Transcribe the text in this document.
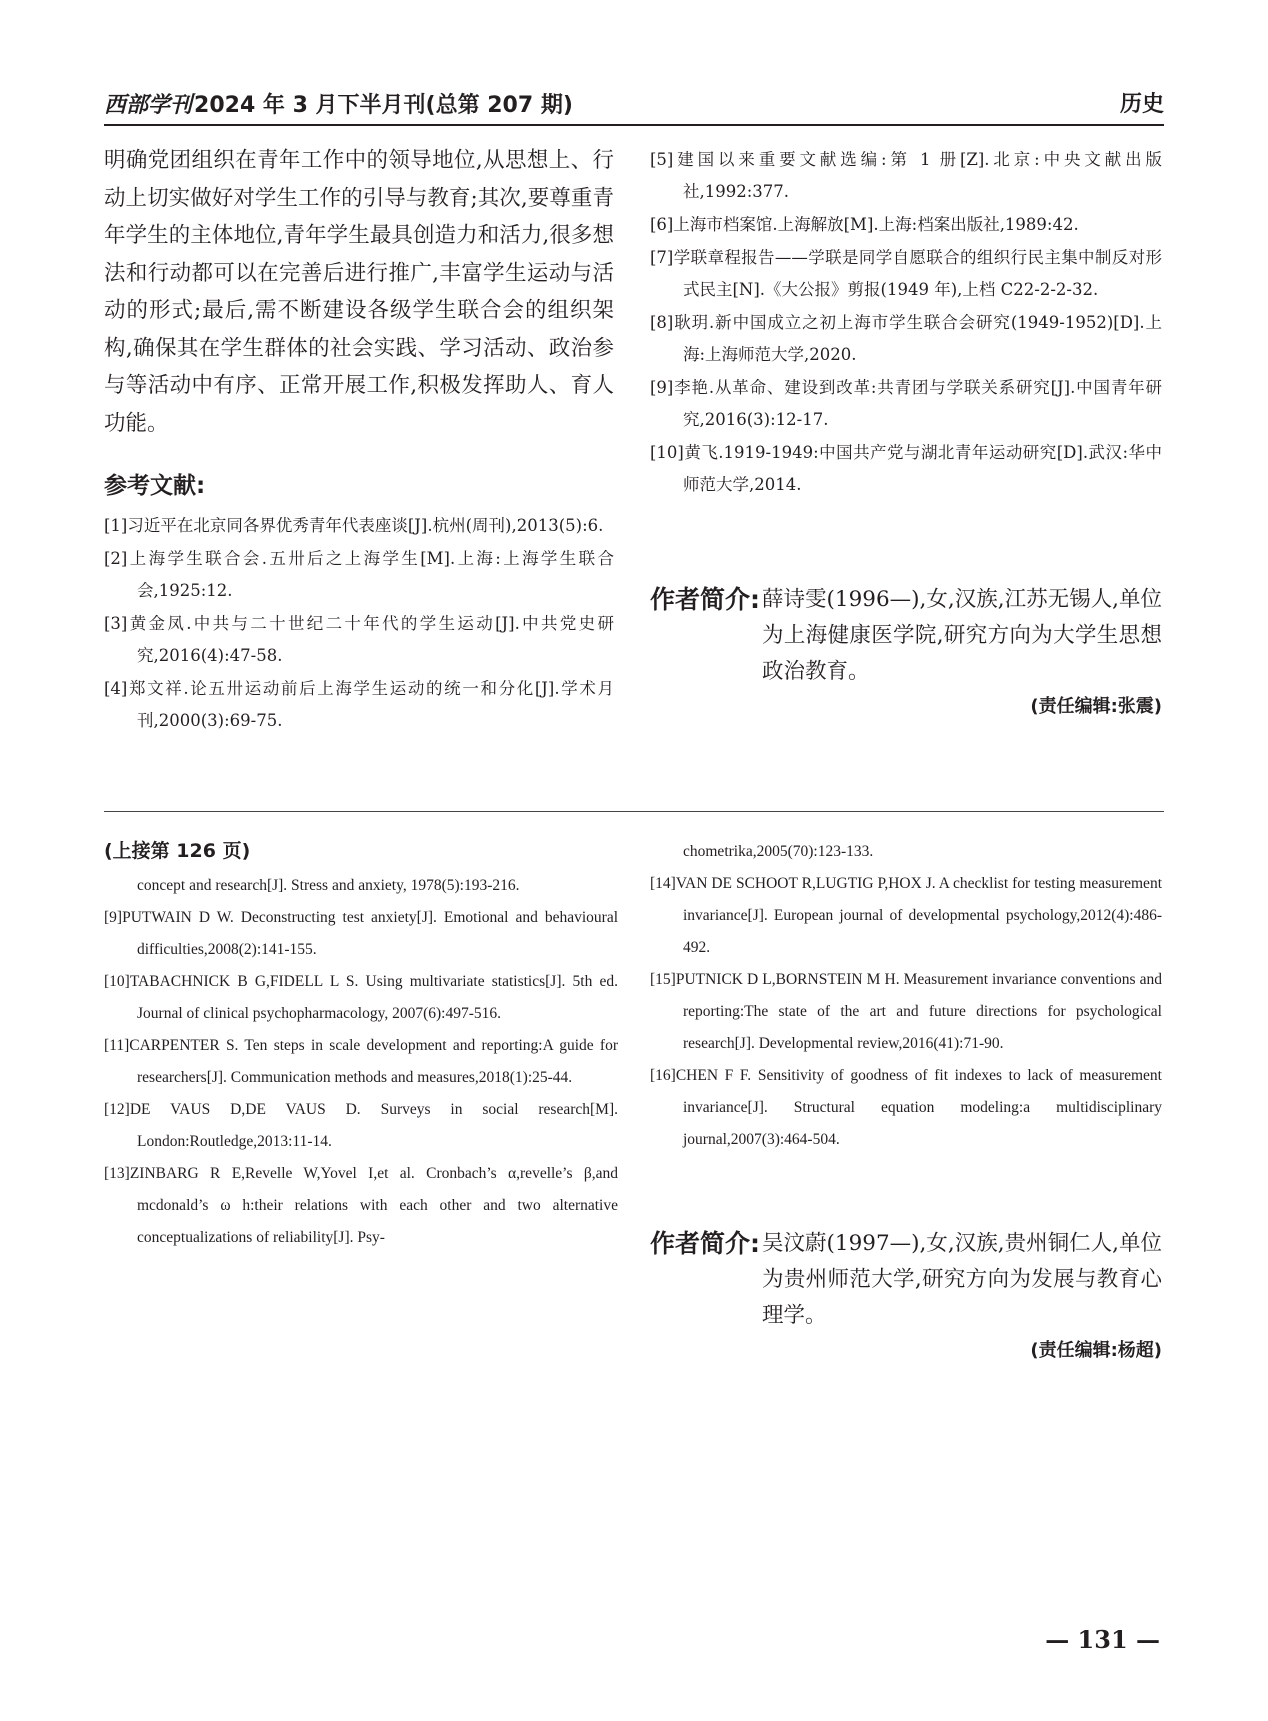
西部学刊2024 年 3 月下半月刊(总第 207 期)	历史

明确党团组织在青年工作中的领导地位,从思想上、行动上切实做好对学生工作的引导与教育;其次,要尊重青年学生的主体地位,青年学生最具创造力和活力,很多想法和行动都可以在完善后进行推广,丰富学生运动与活动的形式;最后,需不断建设各级学生联合会的组织架构,确保其在学生群体的社会实践、学习活动、政治参与等活动中有序、正常开展工作,积极发挥助人、育人功能。

参考文献:

[1]习近平在北京同各界优秀青年代表座谈[J].杭州(周刊),2013(5):6.

[2]上海学生联合会.五卅后之上海学生[M].上海:上海学生联合会,1925:12.

[3]黄金凤.中共与二十世纪二十年代的学生运动[J].中共党史研究,2016(4):47-58.

[4]郑文祥.论五卅运动前后上海学生运动的统一和分化[J].学术月刊,2000(3):69-75.

[5]建国以来重要文献选编:第 1 册[Z].北京:中央文献出版社,1992:377.

[6]上海市档案馆.上海解放[M].上海:档案出版社,1989:42.

[7]学联章程报告——学联是同学自愿联合的组织行民主集中制反对形式民主[N].《大公报》剪报(1949 年),上档 C22-2-2-32.

[8]耿玥.新中国成立之初上海市学生联合会研究(1949-1952)[D].上海:上海师范大学,2020.

[9]李艳.从革命、建设到改革:共青团与学联关系研究[J].中国青年研究,2016(3):12-17.

[10]黄飞.1919-1949:中国共产党与湖北青年运动研究[D].武汉:华中师范大学,2014.

作者简介: 薛诗雯(1996—),女,汉族,江苏无锡人,单位为上海健康医学院,研究方向为大学生思想政治教育。

(责任编辑:张震)

(上接第 126 页)

concept and research[J]. Stress and anxiety, 1978(5):193-216.

[9]PUTWAIN D W. Deconstructing test anxiety[J]. Emotional and behavioural difficulties,2008(2):141-155.

[10]TABACHNICK B G,FIDELL L S. Using multivariate statistics[J]. 5th ed. Journal of clinical psychopharmacology, 2007(6):497-516.

[11]CARPENTER S. Ten steps in scale development and reporting:A guide for researchers[J]. Communication methods and measures,2018(1):25-44.

[12]DE VAUS D,DE VAUS D. Surveys in social research[M]. London:Routledge,2013:11-14.

[13]ZINBARG R E,Revelle W,Yovel I,et al. Cronbach’s α,revelle’s β,and mcdonald’s ω h:their relations with each other and two alternative conceptualizations of reliability[J]. Psy-

chometrika,2005(70):123-133.

[14]VAN DE SCHOOT R,LUGTIG P,HOX J. A checklist for testing measurement invariance[J]. European journal of developmental psychology,2012(4):486-492.

[15]PUTNICK D L,BORNSTEIN M H. Measurement invariance conventions and reporting:The state of the art and future directions for psychological research[J]. Developmental review,2016(41):71-90.

[16]CHEN F F. Sensitivity of goodness of fit indexes to lack of measurement invariance[J]. Structural equation modeling:a multidisciplinary journal,2007(3):464-504.

作者简介: 吴汶蔚(1997—),女,汉族,贵州铜仁人,单位为贵州师范大学,研究方向为发展与教育心理学。

(责任编辑:杨超)
— 131 —
